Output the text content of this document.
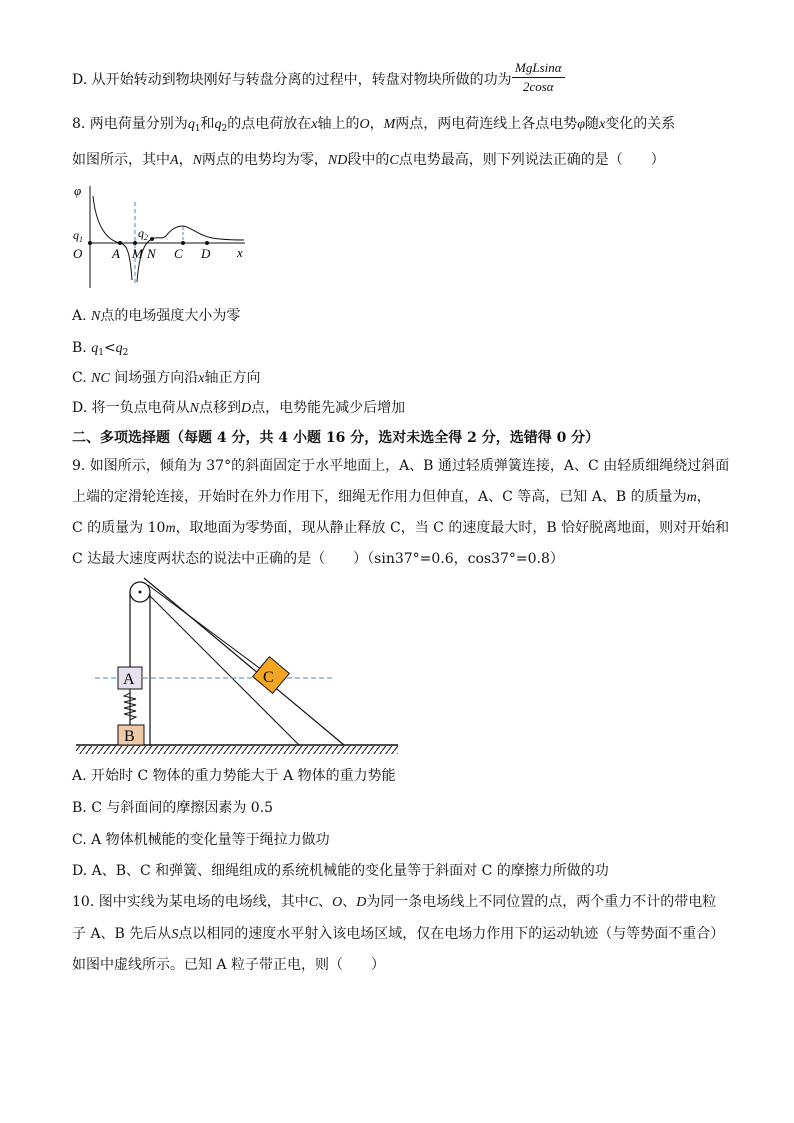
D. 从开始转动到物块刚好与转盘分离的过程中，转盘对物块所做的功为
MgLsinα
2cosα
8. 两电荷量分别为$q_1$和$q_2$的点电荷放在x轴上的O，M两点，两电荷连线上各点电势φ随x变化的关系
如图所示，其中A，N两点的电势均为零，ND段中的C点电势最高，则下列说法正确的是（　　）
φ
$q_1$	$q_2$
O A M N C D x
A. N点的电场强度大小为零
B. $q_1<q_2$
C. NC 间场强方向沿x轴正方向
D. 将一负点电荷从N点移到D点，电势能先减少后增加
二、多项选择题（每题 4 分，共 4 小题 16 分，选对未选全得 2 分，选错得 0 分）
9. 如图所示，倾角为 37°的斜面固定于水平地面上，A、B 通过轻质弹簧连接，A、C 由轻质细绳绕过斜面
上端的定滑轮连接，开始时在外力作用下，细绳无作用力但伸直，A、C 等高，已知 A、B 的质量为m，
C 的质量为 10m，取地面为零势面，现从静止释放 C，当 C 的速度最大时，B 恰好脱离地面，则对开始和
C 达最大速度两状态的说法中正确的是（　　）（sin37°=0.6，cos37°=0.8）
A
B
C
A. 开始时 C 物体的重力势能大于 A 物体的重力势能
B. C 与斜面间的摩擦因素为 0.5
C. A 物体机械能的变化量等于绳拉力做功
D. A、B、C 和弹簧、细绳组成的系统机械能的变化量等于斜面对 C 的摩擦力所做的功
10. 图中实线为某电场的电场线，其中C、O、D为同一条电场线上不同位置的点，两个重力不计的带电粒
子 A、B 先后从S点以相同的速度水平射入该电场区域，仅在电场力作用下的运动轨迹（与等势面不重合）
如图中虚线所示。已知 A 粒子带正电，则（　　）
